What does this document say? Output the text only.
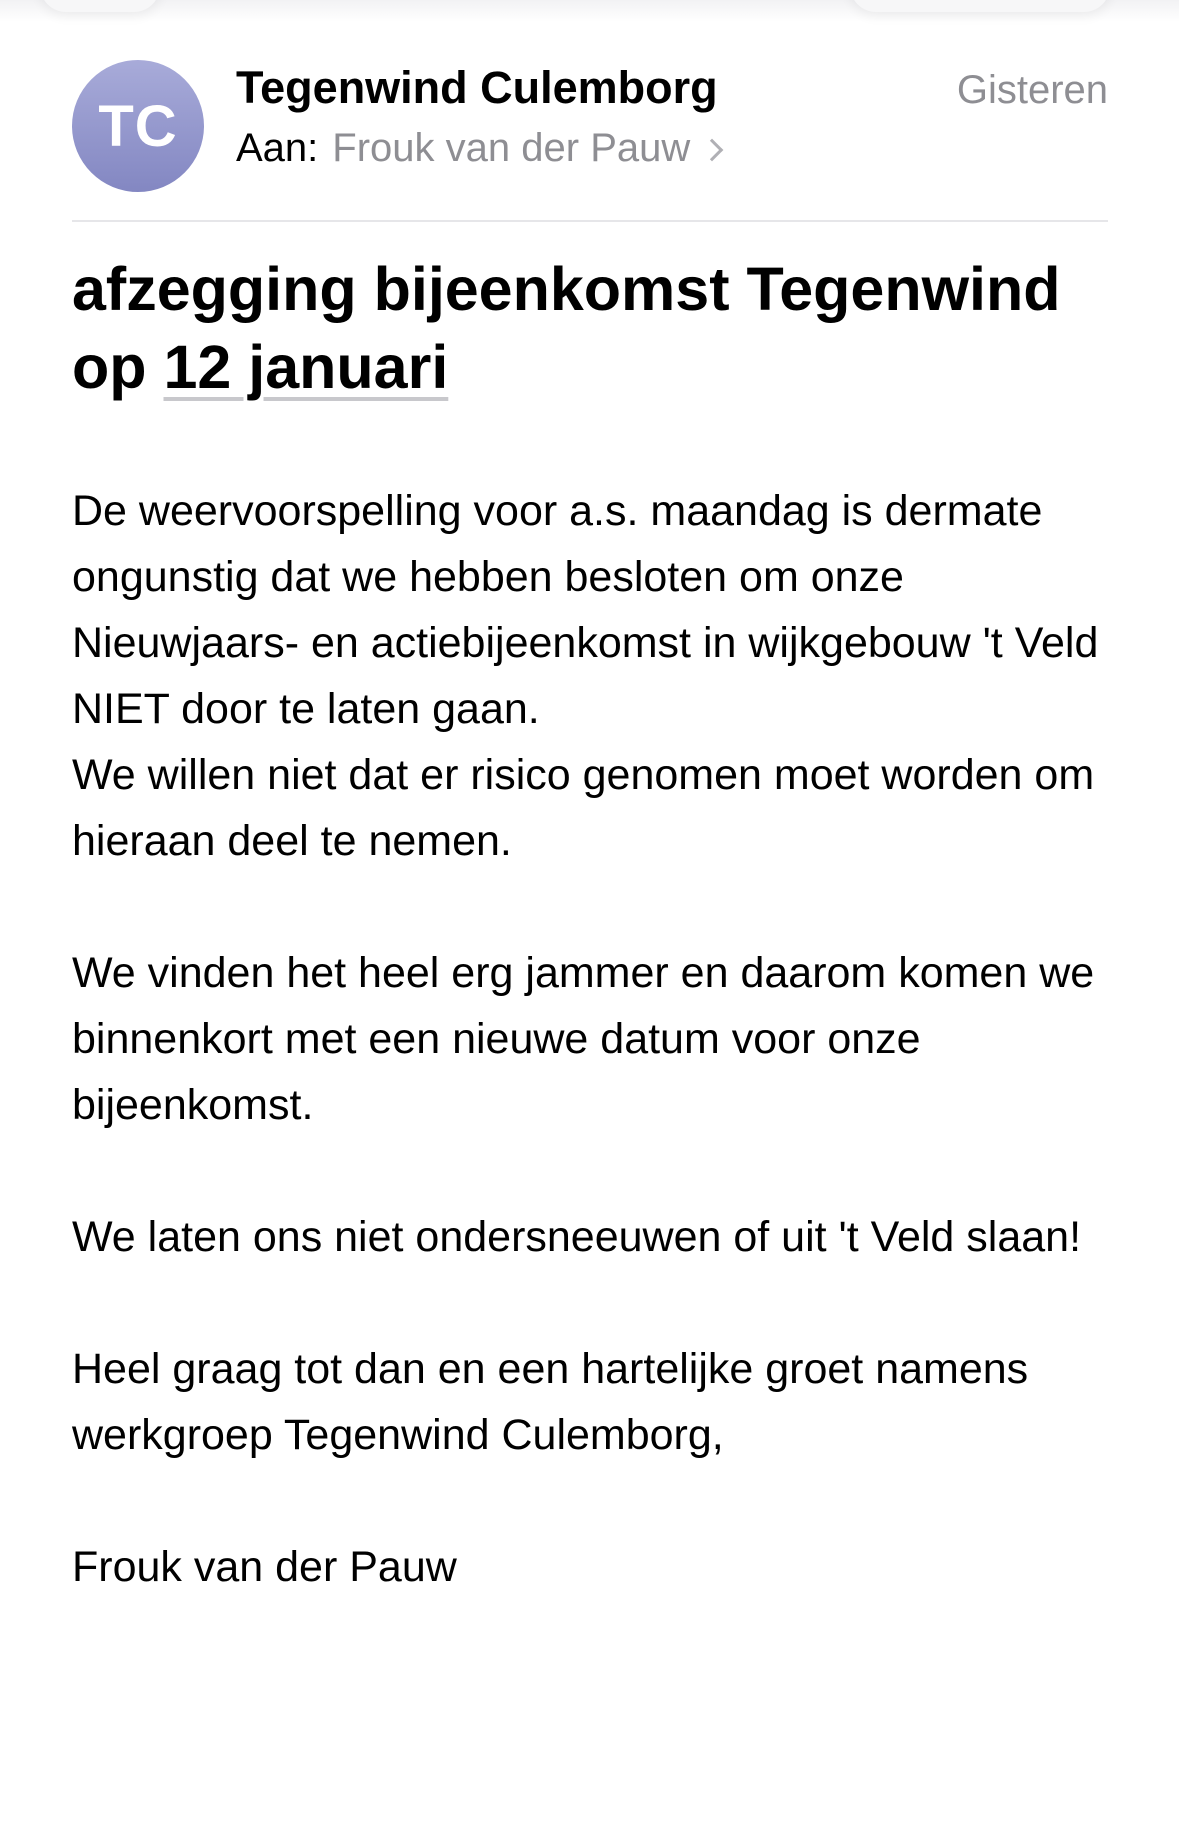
TC
Tegenwind Culemborg	Gisteren
Aan: Frouk van der Pauw
afzegging bijeenkomst Tegenwind op 12 januari

De weervoorspelling voor a.s. maandag is dermate ongunstig dat we hebben besloten om onze Nieuwjaars- en actiebijeenkomst in wijkgebouw 't Veld NIET door te laten gaan.
We willen niet dat er risico genomen moet worden om hieraan deel te nemen.

We vinden het heel erg jammer en daarom komen we binnenkort met een nieuwe datum voor onze bijeenkomst.

We laten ons niet ondersneeuwen of uit 't Veld slaan!

Heel graag tot dan en een hartelijke groet namens werkgroep Tegenwind Culemborg,

Frouk van der Pauw
